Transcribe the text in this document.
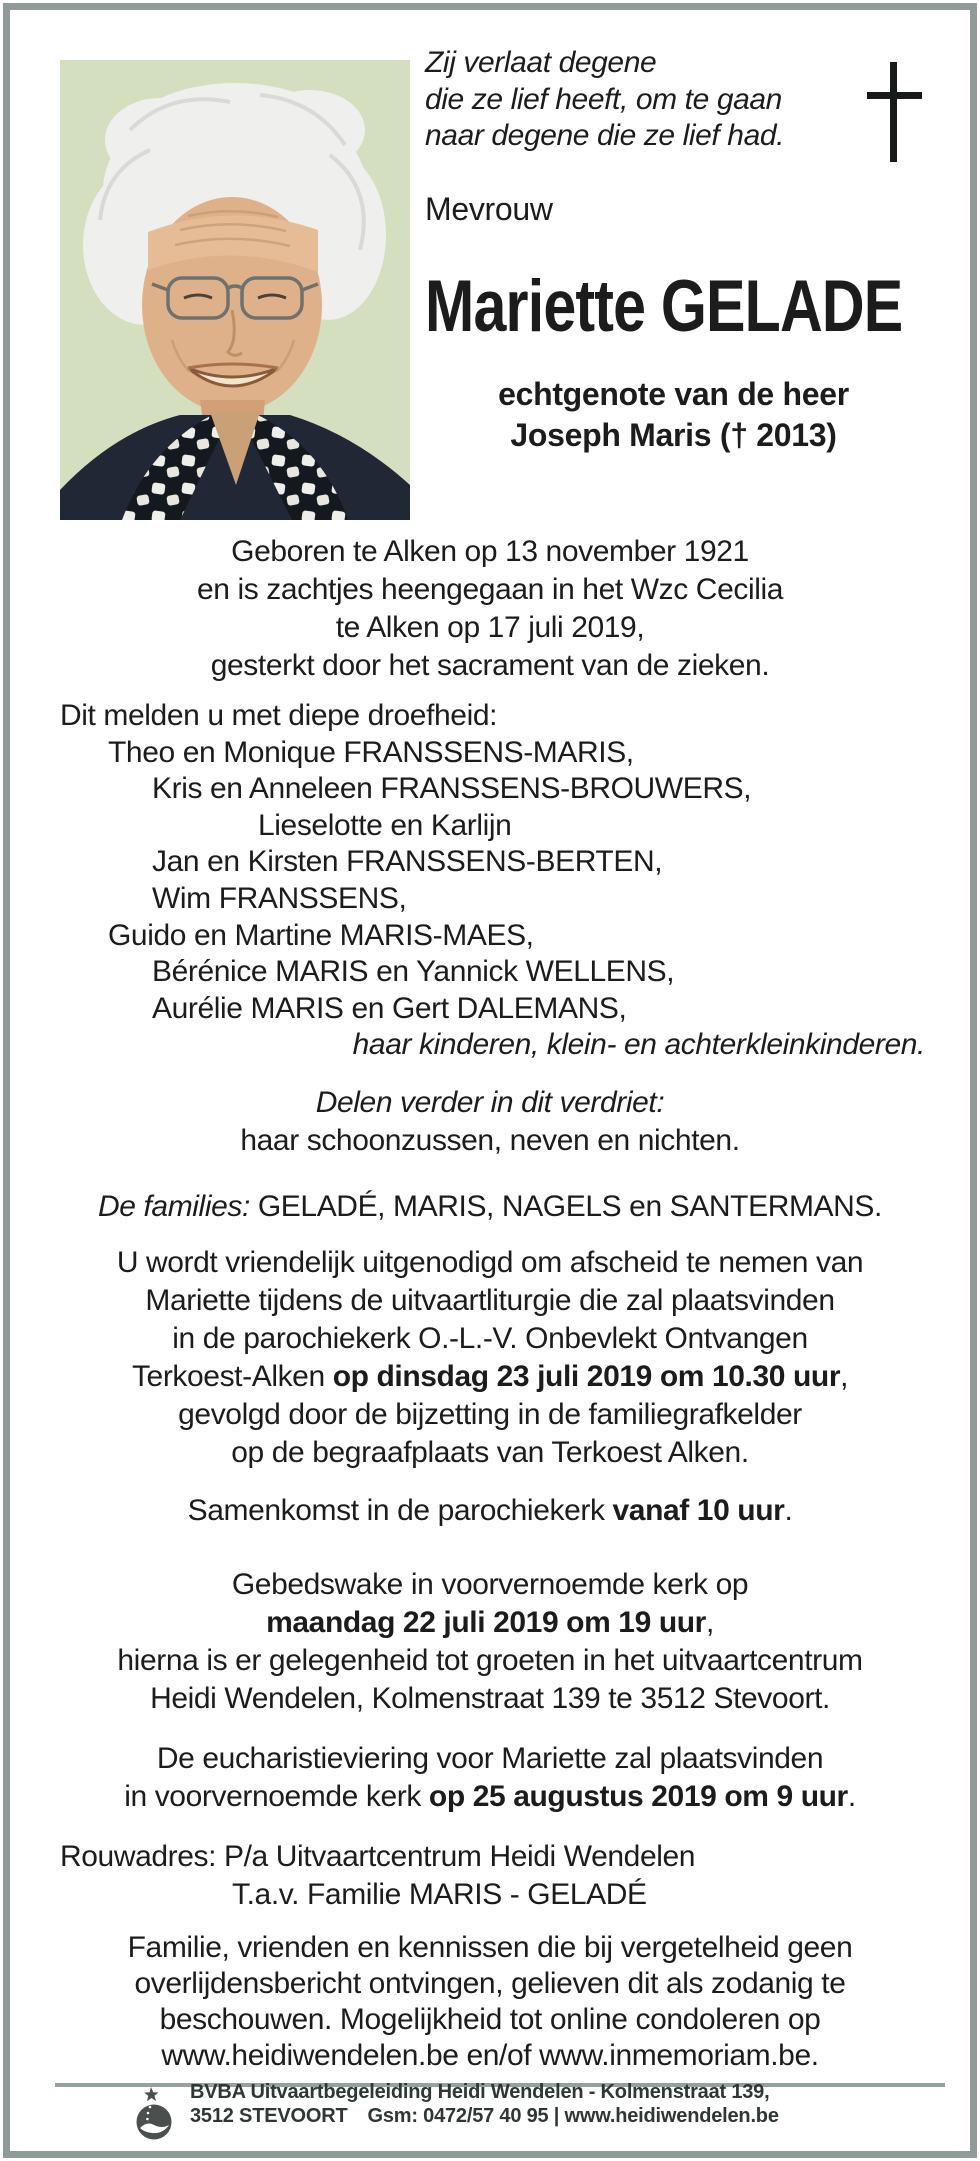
Zij verlaat degene
die ze lief heeft, om te gaan
naar degene die ze lief had.
Mevrouw
Mariette GELADE
echtgenote van de heer
Joseph Maris († 2013)
Geboren te Alken op 13 november 1921
en is zachtjes heengegaan in het Wzc Cecilia
te Alken op 17 juli 2019,
gesterkt door het sacrament van de zieken.
Dit melden u met diepe droefheid:
Theo en Monique FRANSSENS-MARIS,
Kris en Anneleen FRANSSENS-BROUWERS,
Lieselotte en Karlijn
Jan en Kirsten FRANSSENS-BERTEN,
Wim FRANSSENS,
Guido en Martine MARIS-MAES,
Bérénice MARIS en Yannick WELLENS,
Aurélie MARIS en Gert DALEMANS,
haar kinderen, klein- en achterkleinkinderen.
Delen verder in dit verdriet:
haar schoonzussen, neven en nichten.
De families: GELADÉ, MARIS, NAGELS en SANTERMANS.
U wordt vriendelijk uitgenodigd om afscheid te nemen van
Mariette tijdens de uitvaartliturgie die zal plaatsvinden
in de parochiekerk O.-L.-V. Onbevlekt Ontvangen
Terkoest-Alken op dinsdag 23 juli 2019 om 10.30 uur,
gevolgd door de bijzetting in de familiegrafkelder
op de begraafplaats van Terkoest Alken.
Samenkomst in de parochiekerk vanaf 10 uur.
Gebedswake in voorvernoemde kerk op
maandag 22 juli 2019 om 19 uur,
hierna is er gelegenheid tot groeten in het uitvaartcentrum
Heidi Wendelen, Kolmenstraat 139 te 3512 Stevoort.
De eucharistieviering voor Mariette zal plaatsvinden
in voorvernoemde kerk op 25 augustus 2019 om 9 uur.
Rouwadres: P/a Uitvaartcentrum Heidi Wendelen
T.a.v. Familie MARIS - GELADÉ
Familie, vrienden en kennissen die bij vergetelheid geen
overlijdensbericht ontvingen, gelieven dit als zodanig te
beschouwen. Mogelijkheid tot online condoleren op
www.heidiwendelen.be en/of www.inmemoriam.be.
BVBA Uitvaartbegeleiding Heidi Wendelen - Kolmenstraat 139,
3512 STEVOORT Gsm: 0472/57 40 95 | www.heidiwendelen.be
